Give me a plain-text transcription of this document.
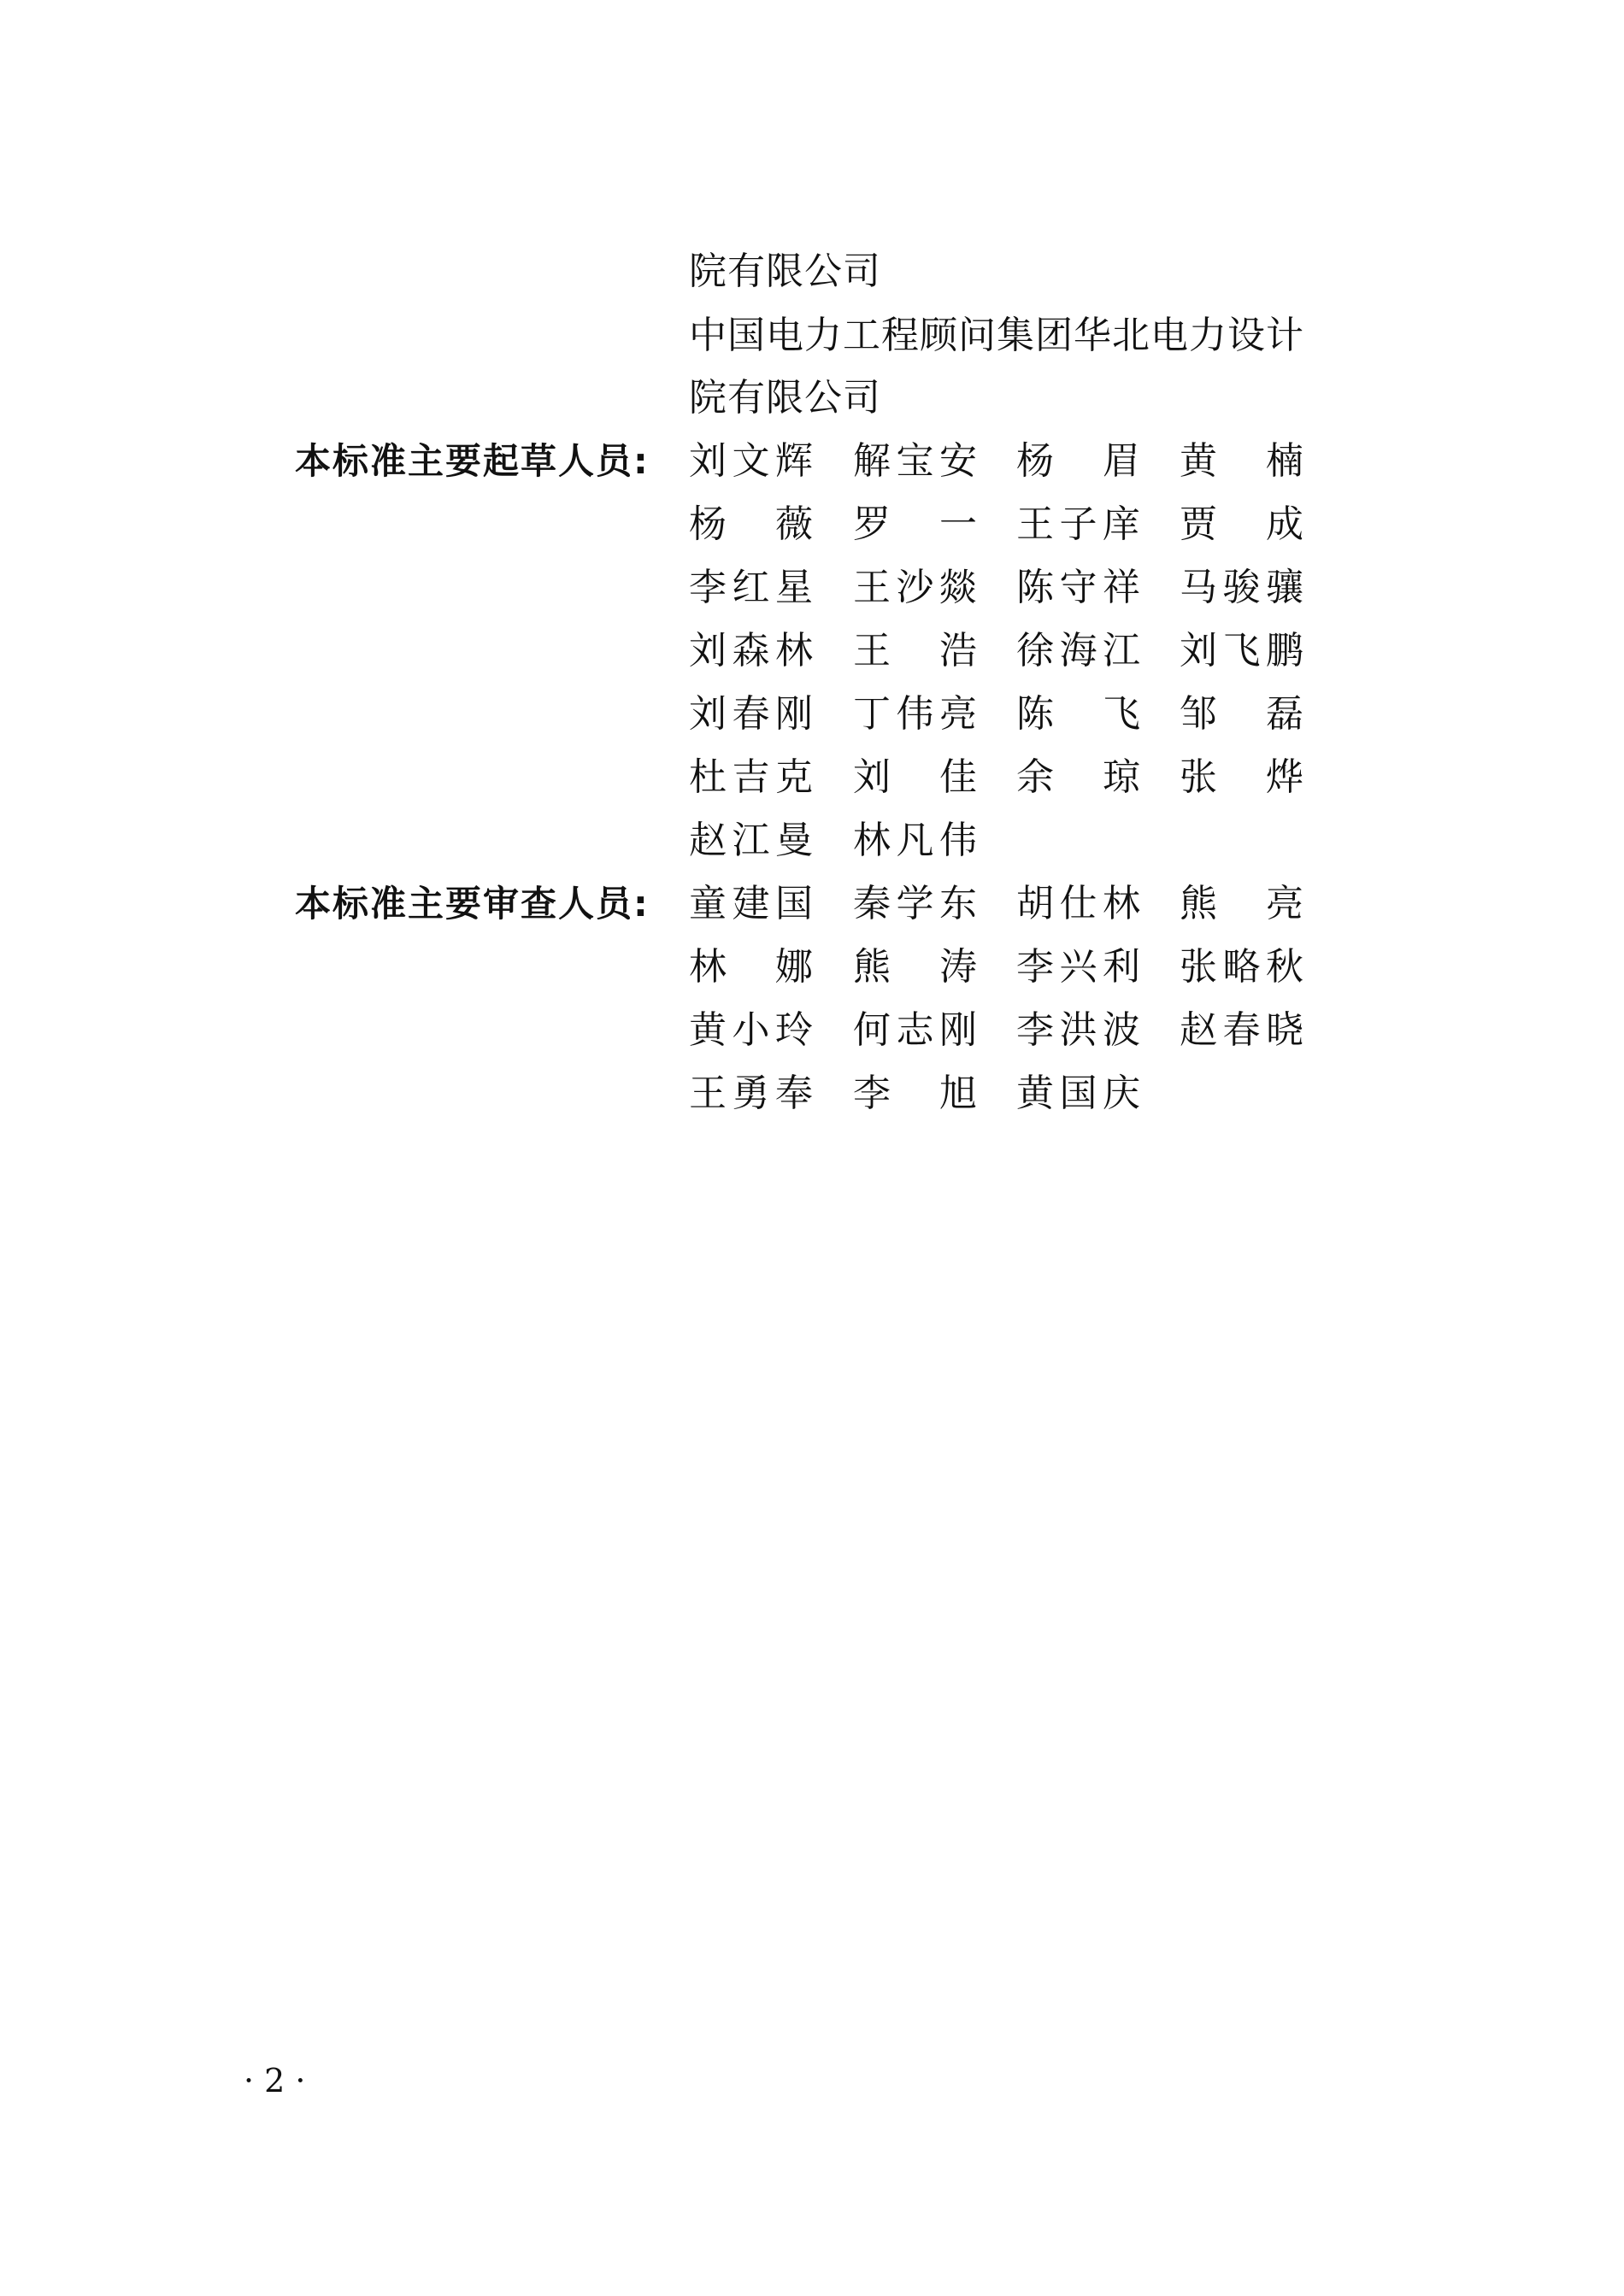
院有限公司
中国电力工程顾问集团华北电力设计
院有限公司
本标准主要起草人员:	刘文辉 解宝安 杨　眉 黄　楠
杨　薇 罗　一 王子庠 贾　成
李红星 王沙燚 陈守祥 马骏骧
刘森林 王　浩 徐海江 刘飞鹏
刘春刚 丁伟亮 陈　飞 邹　磊
杜吉克 刘　佳 余　琼 张　烨
赵江曼 林凡伟
本标准主要审查人员:	童建国 秦学东 胡仕林 熊　亮
林　娜 熊　涛 李兴利 张略秋
黄小玲 何志刚 李洪波 赵春晓
王勇奉 李　旭 黄国庆
· 2 ·
